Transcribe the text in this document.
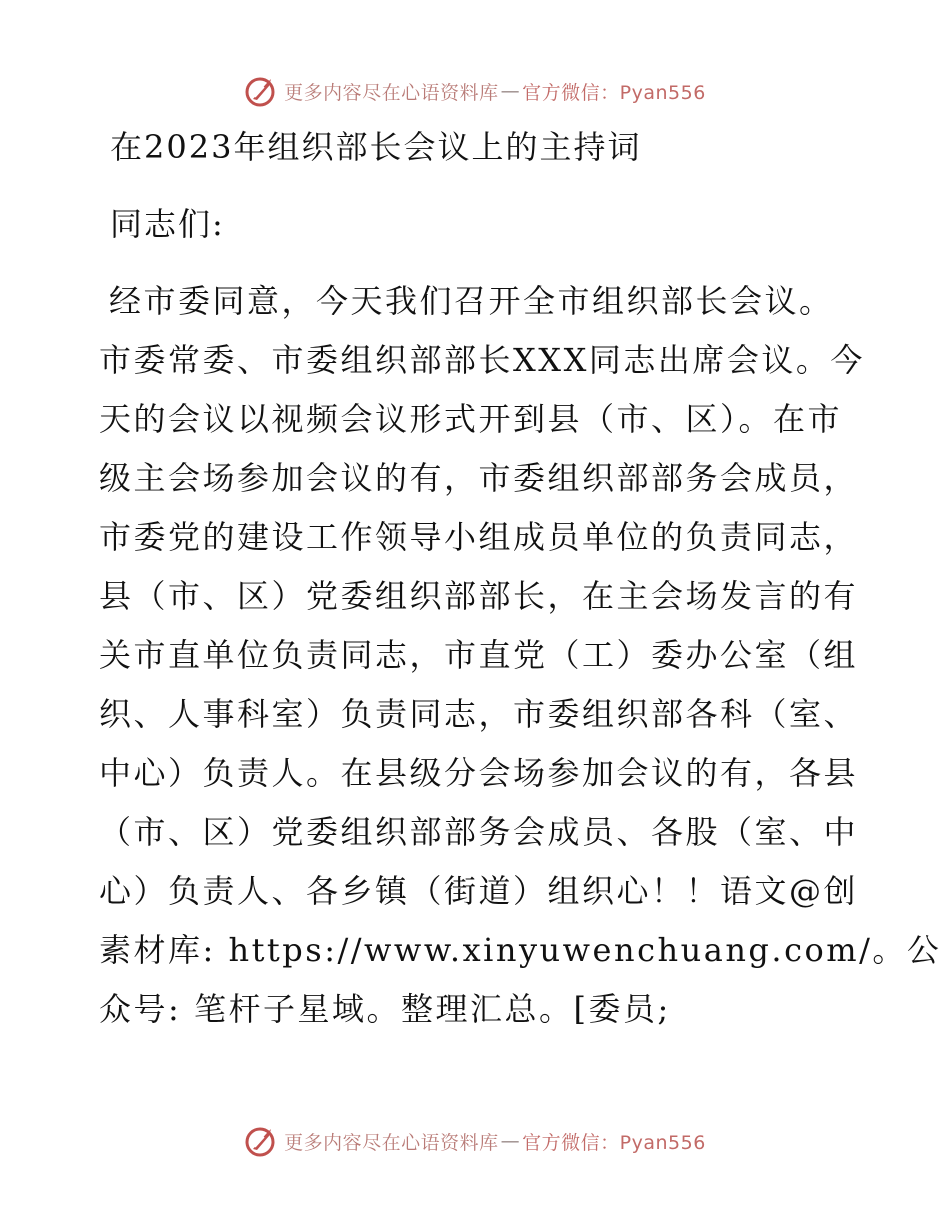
更多内容尽在心语资料库 — 官方微信：Pyan556
在2023年组织部长会议上的主持词
同志们:
经市委同意，今天我们召开全市组织部长会议。
市委常委、市委组织部部长XXX同志出席会议。今
天的会议以视频会议形式开到县（市、区）。在市
级主会场参加会议的有，市委组织部部务会成员，
市委党的建设工作领导小组成员单位的负责同志，
县（市、区）党委组织部部长，在主会场发言的有
关市直单位负责同志，市直党（工）委办公室（组
织、人事科室）负责同志，市委组织部各科（室、
中心）负责人。在县级分会场参加会议的有，各县
（市、区）党委组织部部务会成员、各股（室、中
心）负责人、各乡镇（街道）组织心！！语文@创
素材库: https://www.xinyuwenchuang.com/。公
众号: 笔杆子星域。整理汇总。[委员;
更多内容尽在心语资料库 — 官方微信：Pyan556
